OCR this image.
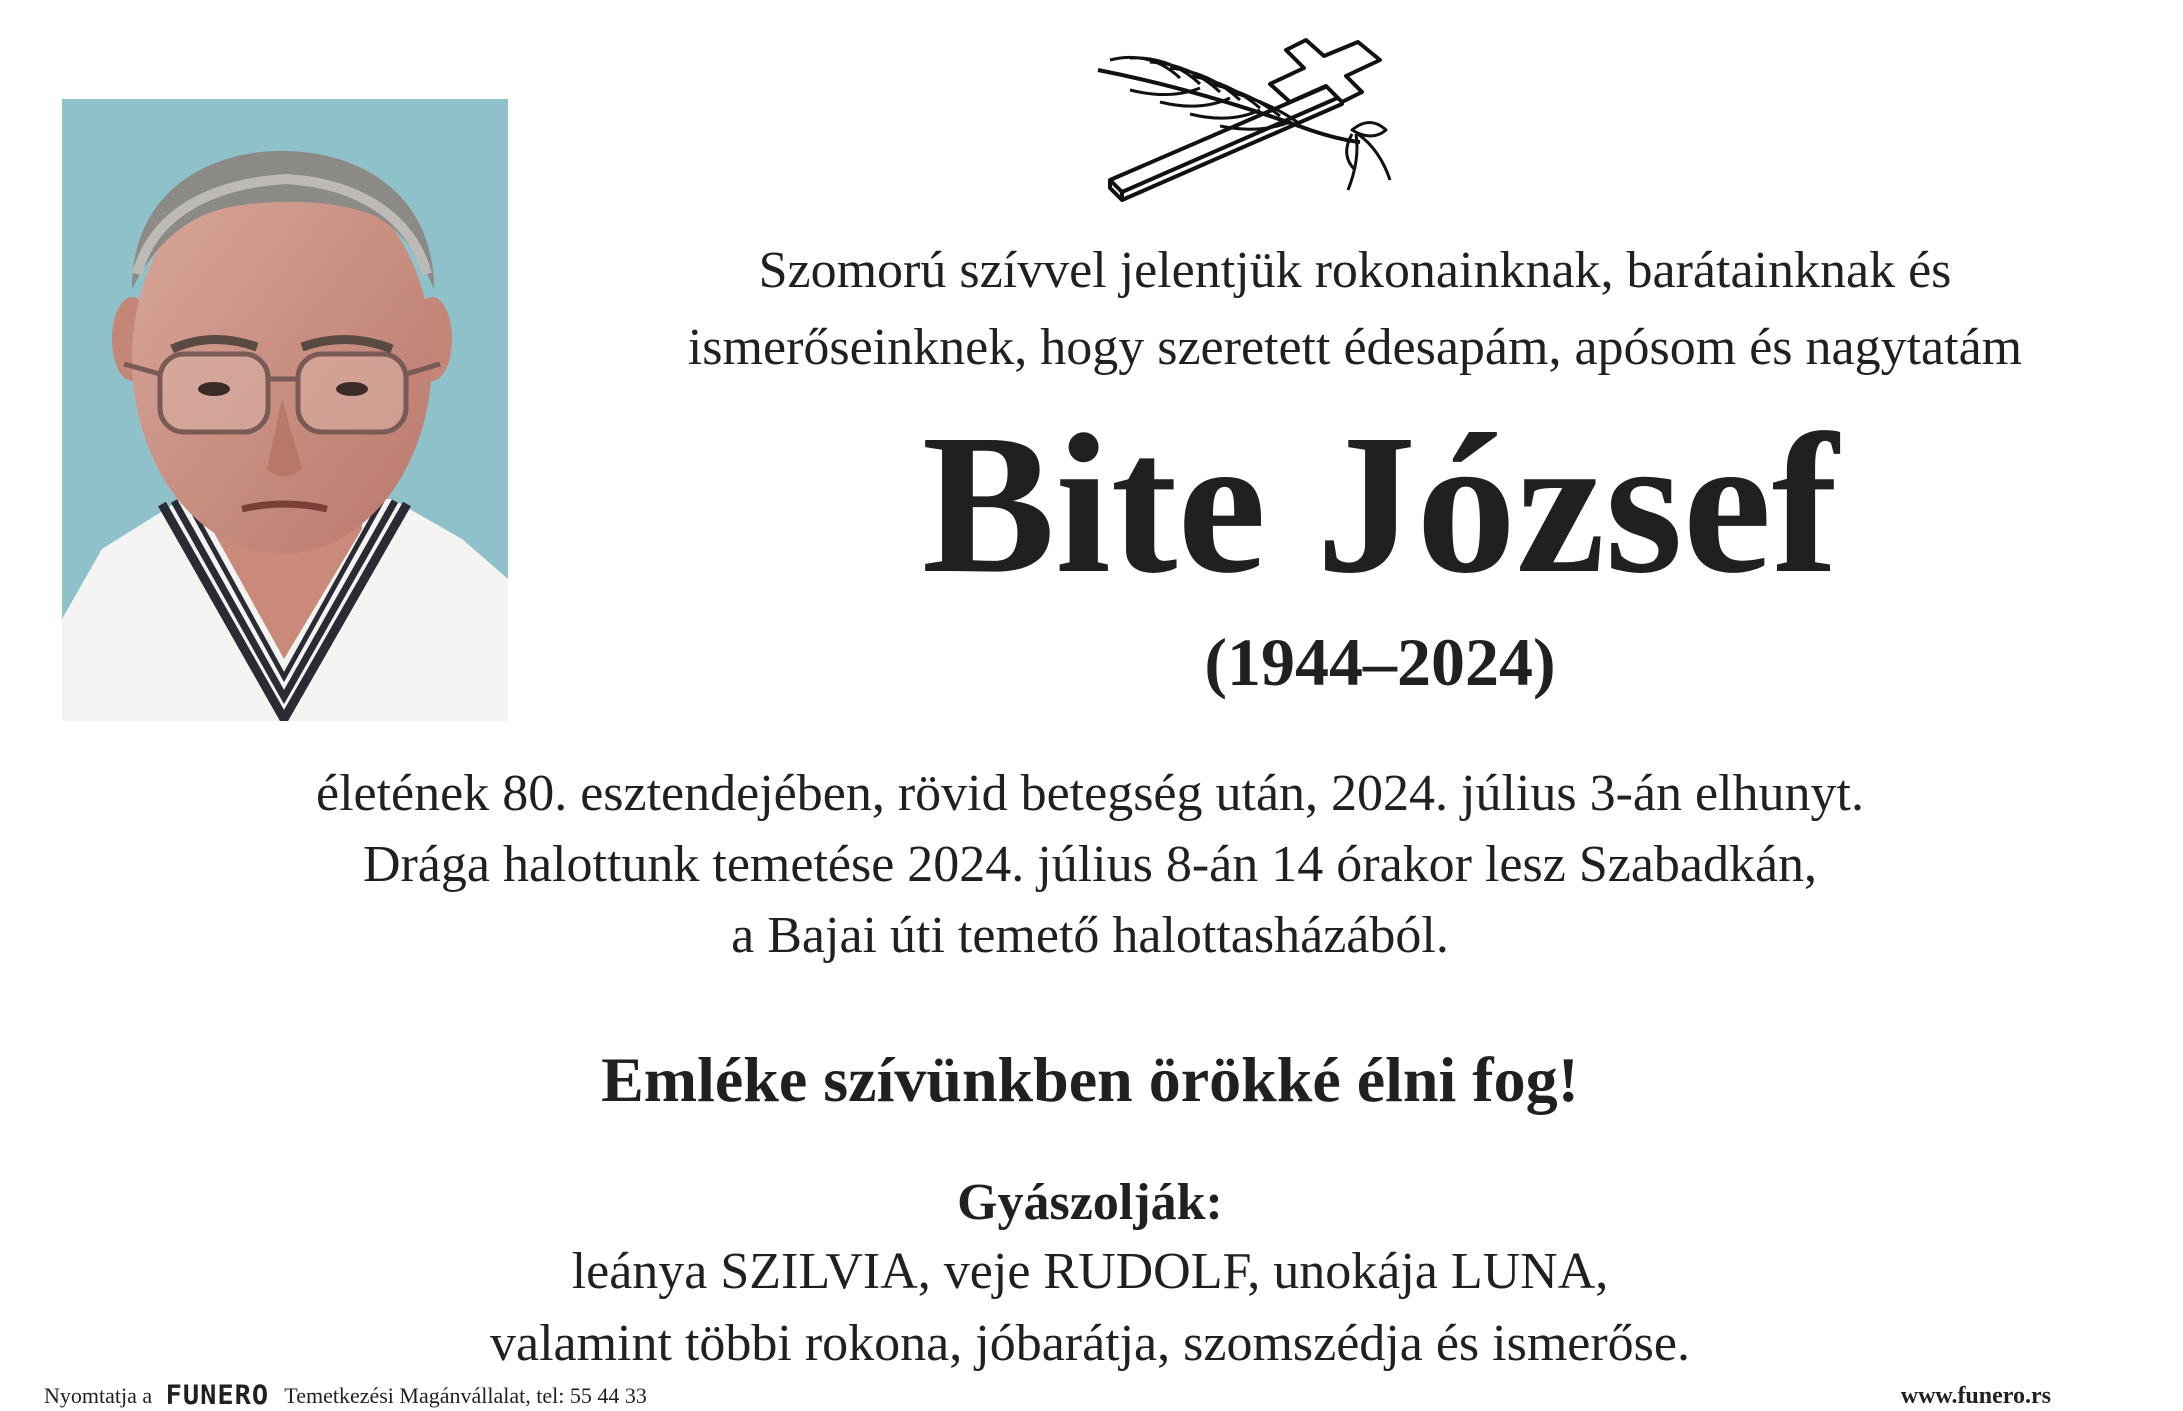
Szomorú szívvel jelentjük rokonainknak, barátainknak és
ismerőseinknek, hogy szeretett édesapám, apósom és nagytatám
Bite József
(1944–2024)
életének 80. esztendejében, rövid betegség után, 2024. július 3-án elhunyt.
Drága halottunk temetése 2024. július 8-án 14 órakor lesz Szabadkán,
a Bajai úti temető halottasházából.
Emléke szívünkben örökké élni fog!
Gyászolják:
leánya SZILVIA, veje RUDOLF, unokája LUNA,
valamint többi rokona, jóbarátja, szomszédja és ismerőse.
Nyomtatja a FUNERO Temetkezési Magánvállalat, tel: 55 44 33	www.funero.rs
